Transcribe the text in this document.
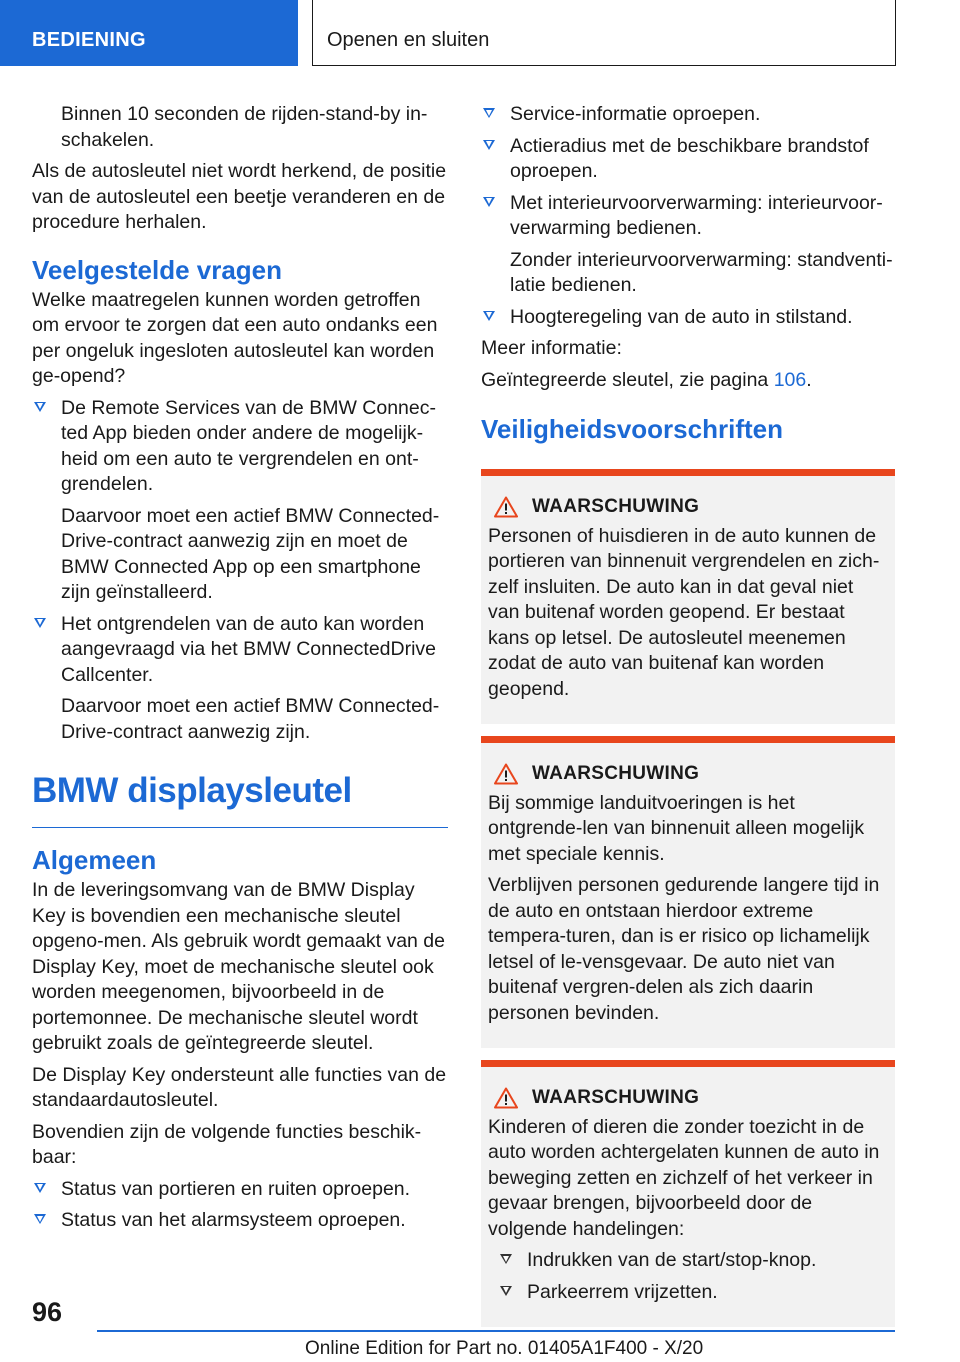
BEDIENING	Openen en sluiten

Binnen 10 seconden de rijden-stand-by in-schakelen.

Als de autosleutel niet wordt herkend, de positie van de autosleutel een beetje veranderen en de procedure herhalen.

Veelgestelde vragen

Welke maatregelen kunnen worden getroffen om ervoor te zorgen dat een auto ondanks een per ongeluk ingesloten autosleutel kan worden ge-opend?

De Remote Services van de BMW Connec-ted App bieden onder andere de mogelijk-heid om een auto te vergrendelen en ont-grendelen.
Daarvoor moet een actief BMW Connected-Drive-contract aanwezig zijn en moet de BMW Connected App op een smartphone zijn geïnstalleerd.
Het ontgrendelen van de auto kan worden aangevraagd via het BMW ConnectedDrive Callcenter.
Daarvoor moet een actief BMW Connected-Drive-contract aanwezig zijn.
BMW displaysleutel
Algemeen

In de leveringsomvang van de BMW Display Key is bovendien een mechanische sleutel opgeno-men. Als gebruik wordt gemaakt van de Display Key, moet de mechanische sleutel ook worden meegenomen, bijvoorbeeld in de portemonnee. De mechanische sleutel wordt gebruikt zoals de geïntegreerde sleutel.

De Display Key ondersteunt alle functies van de standaardautosleutel.

Bovendien zijn de volgende functies beschik-baar:

Status van portieren en ruiten oproepen.
Status van het alarmsysteem oproepen.
Service-informatie oproepen.
Actieradius met de beschikbare brandstof oproepen.
Met interieurvoorverwarming: interieurvoor-verwarming bedienen.
Zonder interieurvoorverwarming: standventi-latie bedienen.
Hoogteregeling van de auto in stilstand.

Meer informatie:

Geïntegreerde sleutel, zie pagina 106.

Veiligheidsvoorschriften
WAARSCHUWING

Personen of huisdieren in de auto kunnen de portieren van binnenuit vergrendelen en zich-zelf insluiten. De auto kan in dat geval niet van buitenaf worden geopend. Er bestaat kans op letsel. De autosleutel meenemen zodat de auto van buitenaf kan worden geopend.

WAARSCHUWING

Bij sommige landuitvoeringen is het ontgrende-len van binnenuit alleen mogelijk met speciale kennis.

Verblijven personen gedurende langere tijd in de auto en ontstaan hierdoor extreme tempera-turen, dan is er risico op lichamelijk letsel of le-vensgevaar. De auto niet van buitenaf vergren-delen als zich daarin personen bevinden.

WAARSCHUWING

Kinderen of dieren die zonder toezicht in de auto worden achtergelaten kunnen de auto in beweging zetten en zichzelf of het verkeer in gevaar brengen, bijvoorbeeld door de volgende handelingen:

Indrukken van de start/stop-knop.
Parkeerrem vrijzetten.
96
Online Edition for Part no. 01405A1F400 - X/20
